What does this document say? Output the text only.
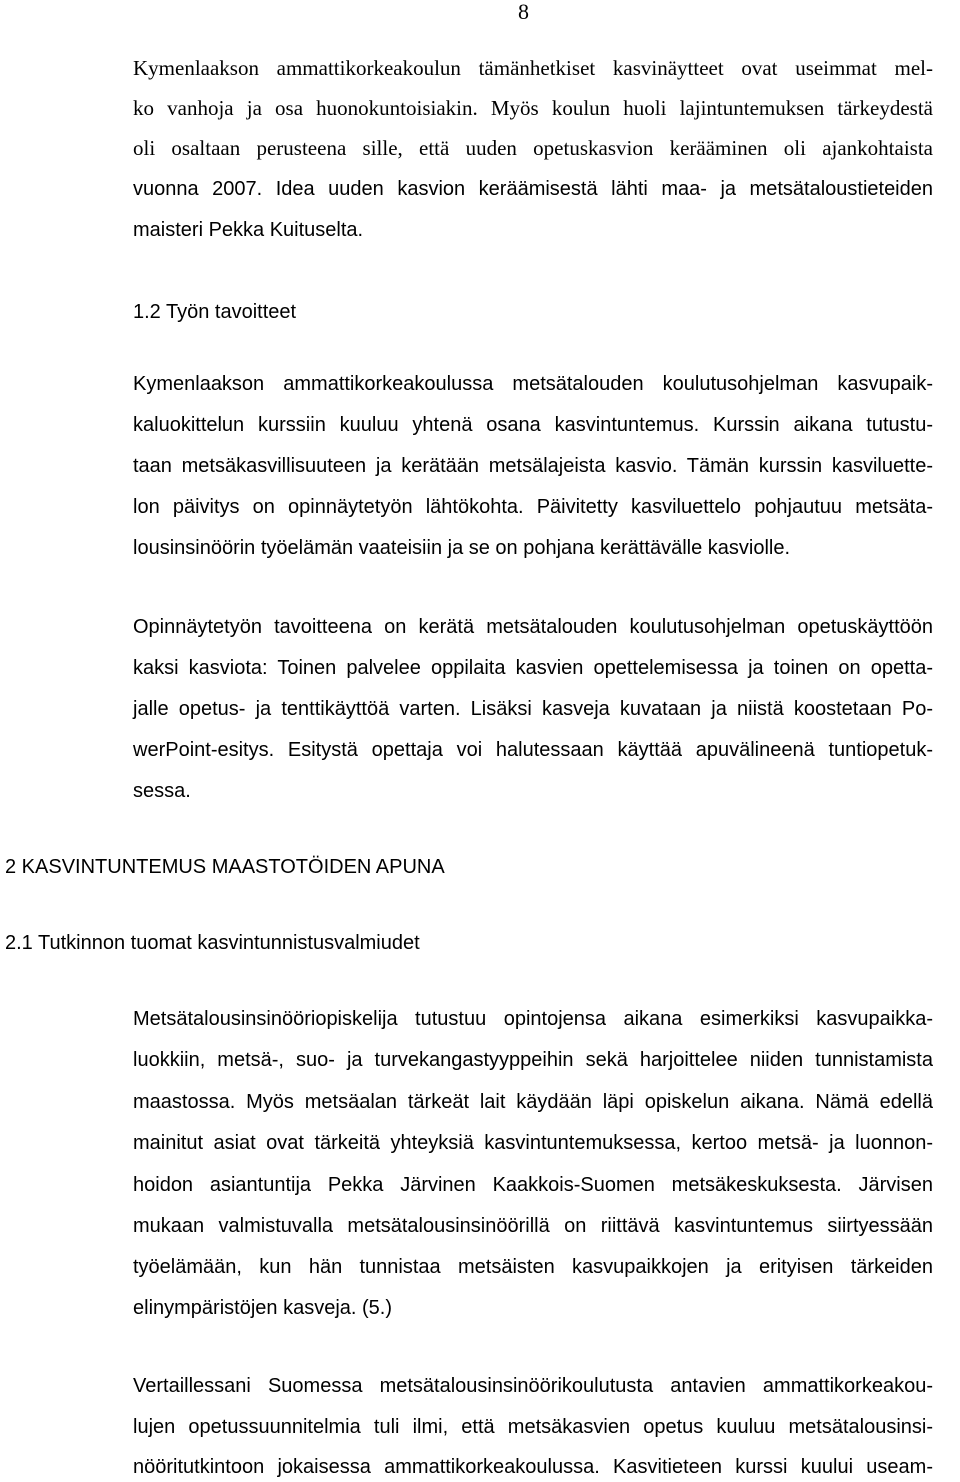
8
Kymenlaakson ammattikorkeakoulun tämänhetkiset kasvinäytteet ovat useimmat mel-
ko vanhoja ja osa huonokuntoisiakin. Myös koulun huoli lajintuntemuksen tärkeydestä
oli osaltaan perusteena sille, että uuden opetuskasvion kerääminen oli ajankohtaista
vuonna 2007. Idea uuden kasvion keräämisestä lähti maa- ja metsätaloustieteiden
maisteri Pekka Kuituselta.
1.2 Työn tavoitteet
Kymenlaakson ammattikorkeakoulussa metsätalouden koulutusohjelman kasvupaik-
kaluokittelun kurssiin kuuluu yhtenä osana kasvintuntemus. Kurssin aikana tutustu-
taan metsäkasvillisuuteen ja kerätään metsälajeista kasvio. Tämän kurssin kasviluette-
lon päivitys on opinnäytetyön lähtökohta. Päivitetty kasviluettelo pohjautuu metsäta-
lousinsinöörin työelämän vaateisiin ja se on pohjana kerättävälle kasviolle.
Opinnäytetyön tavoitteena on kerätä metsätalouden koulutusohjelman opetuskäyttöön
kaksi kasviota: Toinen palvelee oppilaita kasvien opettelemisessa ja toinen on opetta-
jalle opetus- ja tenttikäyttöä varten. Lisäksi kasveja kuvataan ja niistä koostetaan Po-
werPoint-esitys. Esitystä opettaja voi halutessaan käyttää apuvälineenä tuntiopetuk-
sessa.
2 KASVINTUNTEMUS MAASTOTÖIDEN APUNA
2.1 Tutkinnon tuomat kasvintunnistusvalmiudet
Metsätalousinsinööriopiskelija tutustuu opintojensa aikana esimerkiksi kasvupaikka-
luokkiin, metsä-, suo- ja turvekangastyyppeihin sekä harjoittelee niiden tunnistamista
maastossa. Myös metsäalan tärkeät lait käydään läpi opiskelun aikana. Nämä edellä
mainitut asiat ovat tärkeitä yhteyksiä kasvintuntemuksessa, kertoo metsä- ja luonnon-
hoidon asiantuntija Pekka Järvinen Kaakkois-Suomen metsäkeskuksesta. Järvisen
mukaan valmistuvalla metsätalousinsinöörillä on riittävä kasvintuntemus siirtyessään
työelämään, kun hän tunnistaa metsäisten kasvupaikkojen ja erityisen tärkeiden
elinympäristöjen kasveja. (5.)
Vertaillessani Suomessa metsätalousinsinöörikoulutusta antavien ammattikorkeakou-
lujen opetussuunnitelmia tuli ilmi, että metsäkasvien opetus kuuluu metsätalousinsi-
nööritutkintoon jokaisessa ammattikorkeakoulussa. Kasvitieteen kurssi kuului useam-
